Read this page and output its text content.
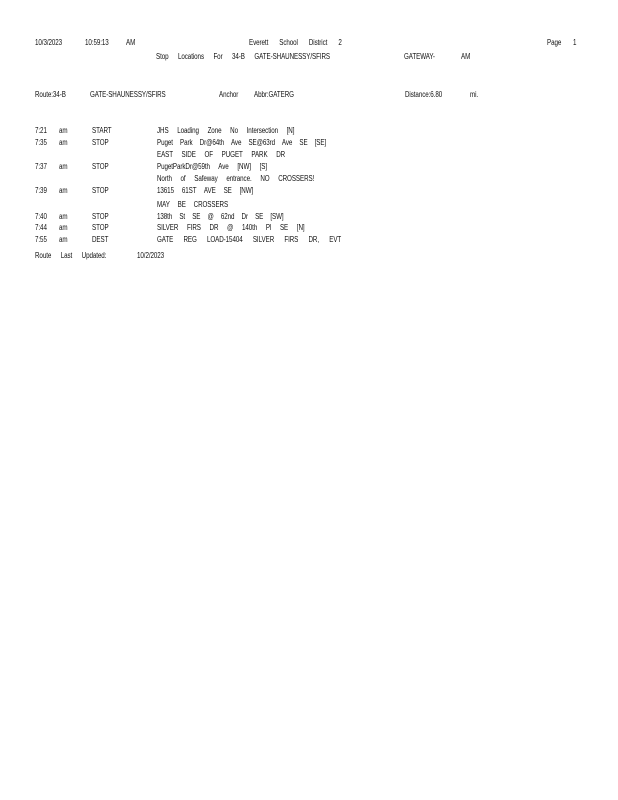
10/3/2023	10:59:13 AM	Everett School District 2	Page 1
Stop Locations For 34-B GATE-SHAUNESSY/SFIRS	GATEWAY-	AM
Route:34-B	GATE-SHAUNESSY/SFIRS	Anchor Abbr:GATERG	Distance:6.80	mi.
7:21 am	START	JHS Loading Zone No Intersection [N]
7:35 am	STOP	Puget Park Dr@64th Ave SE@63rd Ave SE [SE]
EAST SIDE OF PUGET PARK DR
7:37 am	STOP	PugetParkDr@59th Ave [NW] [S]
North of Safeway entrance. NO CROSSERS!
7:39 am	STOP	13615 61ST AVE SE [NW]
MAY BE CROSSERS
7:40 am	STOP	138th St SE @ 62nd Dr SE [SW]
7:44 am	STOP	SILVER FIRS DR @ 140th Pl SE [N]
7:55 am	DEST	GATE REG LOAD-15404 SILVER FIRS DR, EVT
Route Last Updated:	10/2/2023
